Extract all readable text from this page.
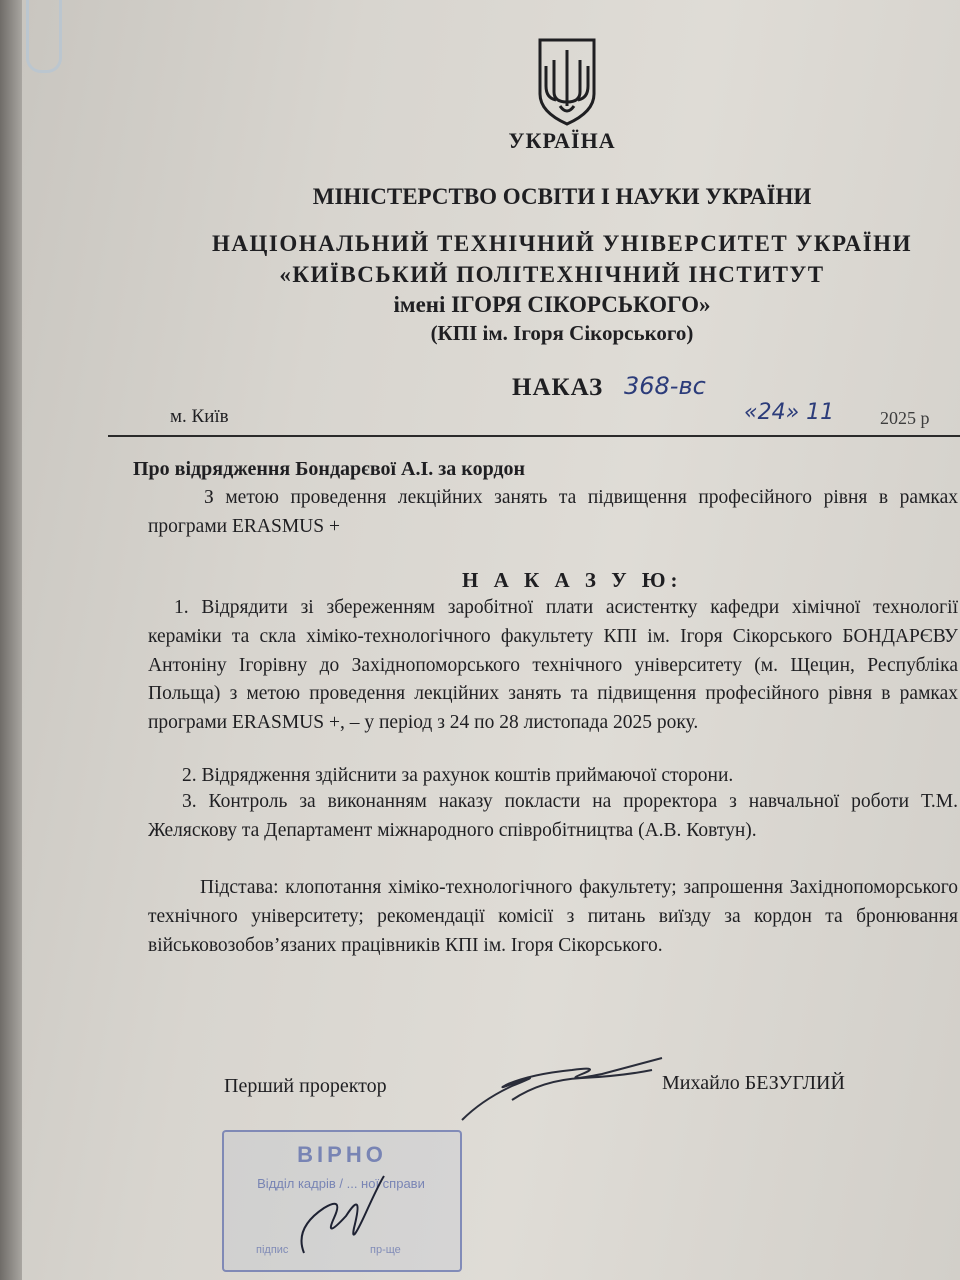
УКРАЇНА

МІНІСТЕРСТВО ОСВІТИ І НАУКИ УКРАЇНИ

НАЦІОНАЛЬНИЙ ТЕХНІЧНИЙ УНІВЕРСИТЕТ УКРАЇНИ

«КИЇВСЬКИЙ ПОЛІТЕХНІЧНИЙ ІНСТИТУТ

імені ІГОРЯ СІКОРСЬКОГО»

(КПІ ім. Ігоря Сікорського)

НАКАЗ 368-вс

м. Київ	«24» 11	2025 р

Про відрядження Бондарєвої А.І. за кордон

З метою проведення лекційних занять та підвищення професійного рівня в рамках програми ERASMUS +

Н А К А З У Ю:

1. Відрядити зі збереженням заробітної плати асистентку кафедри хімічної технології кераміки та скла хіміко-технологічного факультету КПІ ім. Ігоря Сікорського БОНДАРЄВУ Антоніну Ігорівну до Західнопоморського технічного університету (м. Щецин, Республіка Польща) з метою проведення лекційних занять та підвищення професійного рівня в рамках програми ERASMUS +, – у період з 24 по 28 листопада 2025 року.

2. Відрядження здійснити за рахунок коштів приймаючої сторони.

3. Контроль за виконанням наказу покласти на проректора з навчальної роботи Т.М. Желяскову та Департамент міжнародного співробітництва (А.В. Ковтун).

Підстава: клопотання хіміко-технологічного факультету; запрошення Західнопоморського технічного університету; рекомендації комісії з питань виїзду за кордон та бронювання військовозобов’язаних працівників КПІ ім. Ігоря Сікорського.

Перший проректор	Михайло БЕЗУГЛИЙ

ВІРНО
Відділ кадрів / ... ної справи
підпис	пр-ще
